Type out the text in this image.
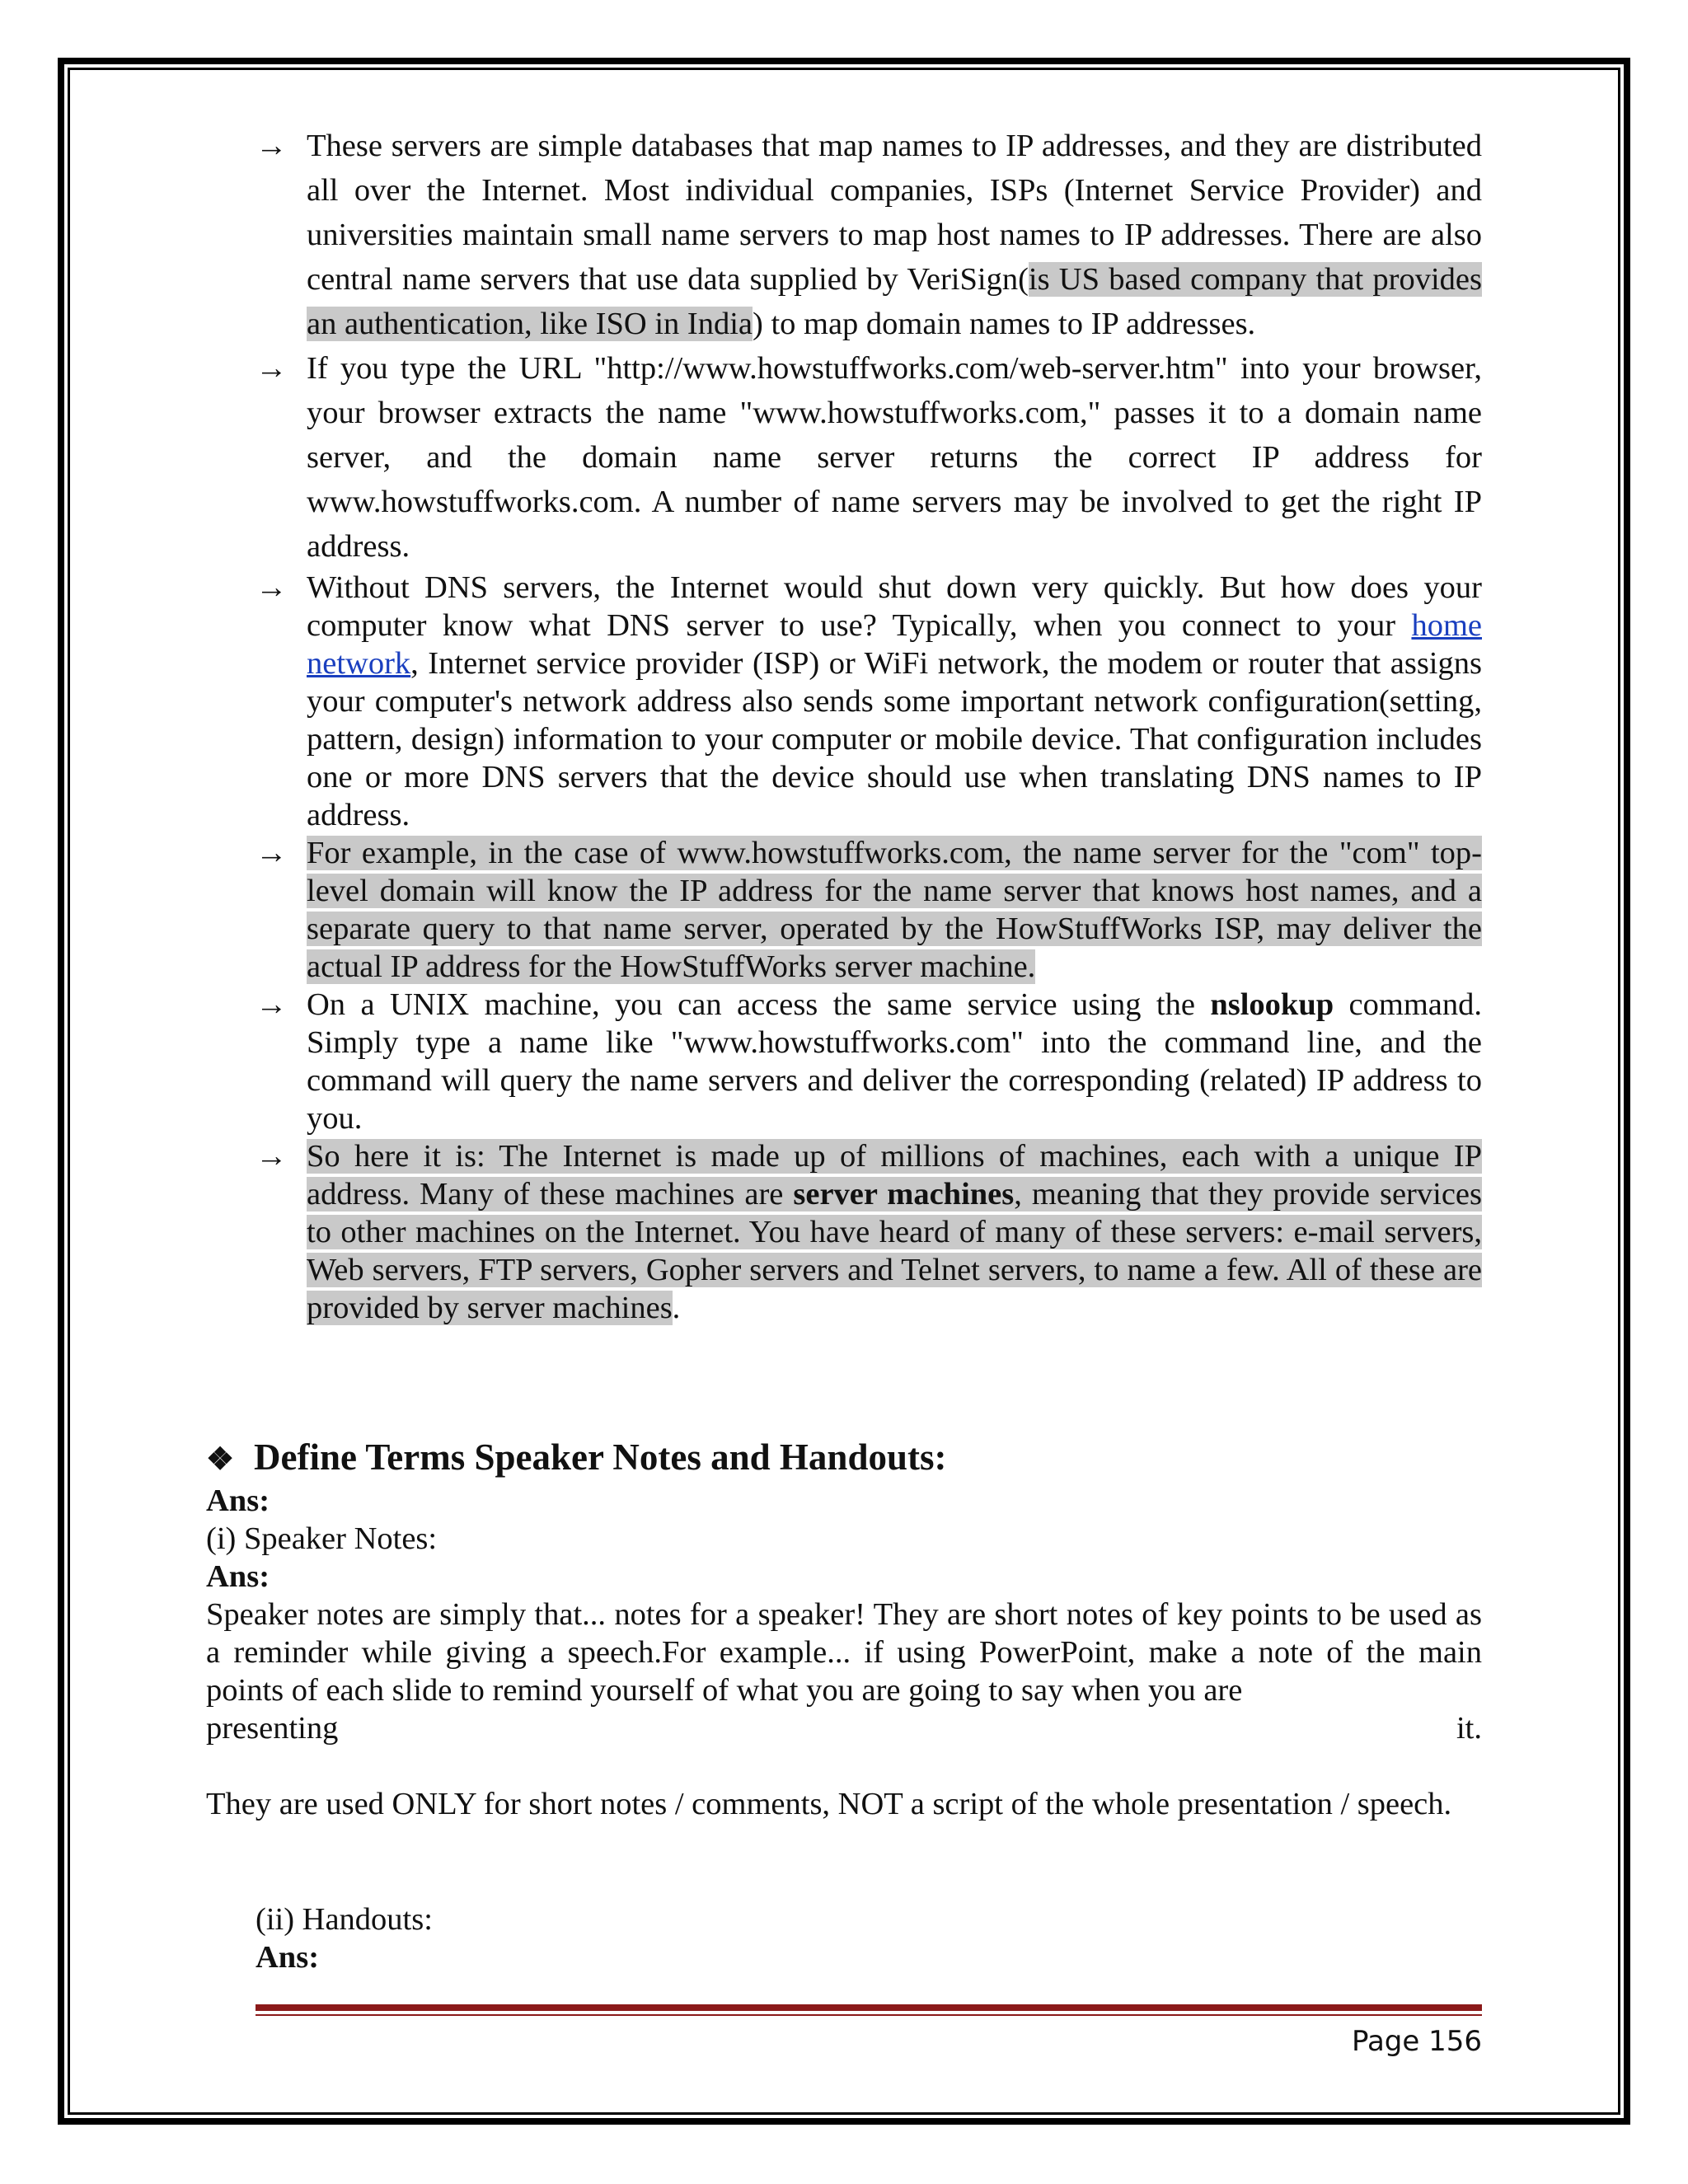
→ These servers are simple databases that map names to IP addresses, and they are distributed all over the Internet. Most individual companies, ISPs (Internet Service Provider) and universities maintain small name servers to map host names to IP addresses. There are also central name servers that use data supplied by VeriSign(is US based company that provides an authentication, like ISO in India) to map domain names to IP addresses.
→ If you type the URL "http://www.howstuffworks.com/web-server.htm" into your browser, your browser extracts the name "www.howstuffworks.com," passes it to a domain name server, and the domain name server returns the correct IP address for www.howstuffworks.com. A number of name servers may be involved to get the right IP address.
→ Without DNS servers, the Internet would shut down very quickly. But how does your computer know what DNS server to use? Typically, when you connect to your home network, Internet service provider (ISP) or WiFi network, the modem or router that assigns your computer's network address also sends some important network configuration(setting, pattern, design) information to your computer or mobile device. That configuration includes one or more DNS servers that the device should use when translating DNS names to IP address.
→ For example, in the case of www.howstuffworks.com, the name server for the "com" top-level domain will know the IP address for the name server that knows host names, and a separate query to that name server, operated by the HowStuffWorks ISP, may deliver the actual IP address for the HowStuffWorks server machine.
→ On a UNIX machine, you can access the same service using the nslookup command. Simply type a name like "www.howstuffworks.com" into the command line, and the command will query the name servers and deliver the corresponding (related) IP address to you.
→ So here it is: The Internet is made up of millions of machines, each with a unique IP address. Many of these machines are server machines, meaning that they provide services to other machines on the Internet. You have heard of many of these servers: e-mail servers, Web servers, FTP servers, Gopher servers and Telnet servers, to name a few. All of these are provided by server machines.
❖ Define Terms Speaker Notes and Handouts:
Ans:
(i) Speaker Notes:
Ans:
Speaker notes are simply that... notes for a speaker! They are short notes of key points to be used as a reminder while giving a speech.For example... if using PowerPoint, make a note of the main points of each slide to remind yourself of what you are going to say when you are
presenting	it.
They are used ONLY for short notes / comments, NOT a script of the whole presentation / speech.
(ii) Handouts:
Ans:
Page 156
